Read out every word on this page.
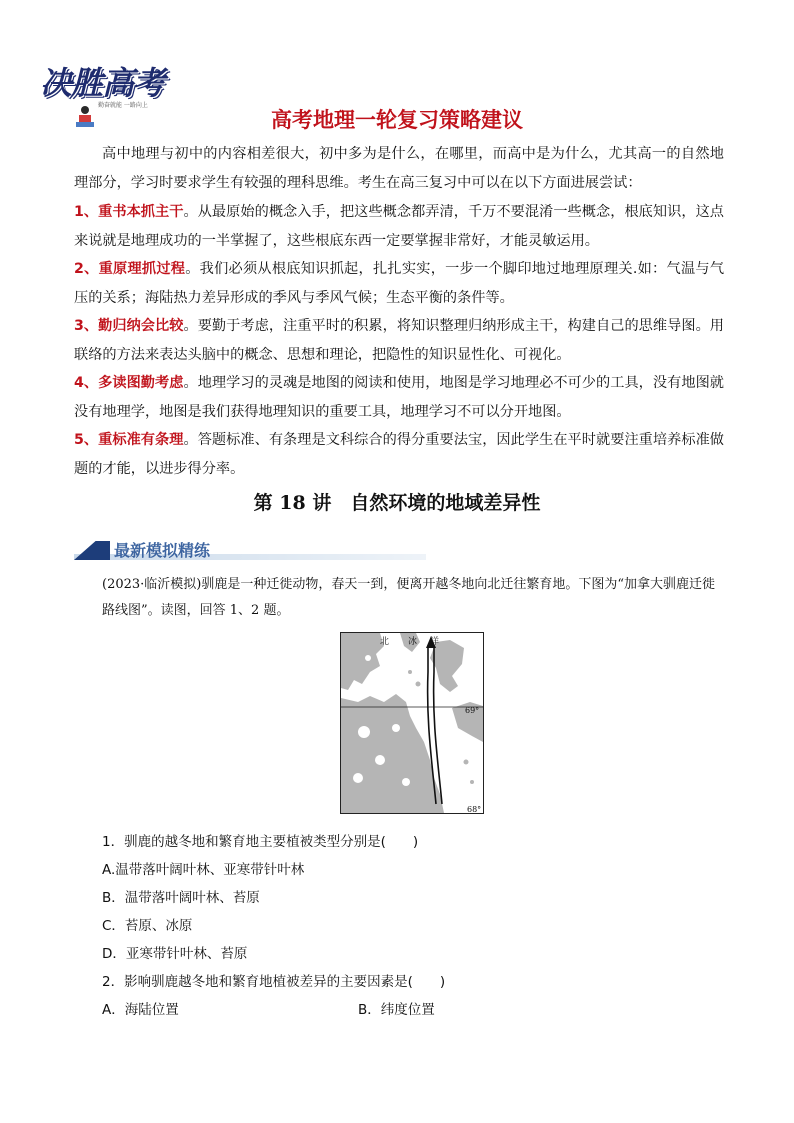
决胜高考
勤奋就能 一路向上
高考地理一轮复习策略建议
高中地理与初中的内容相差很大，初中多为是什么，在哪里，而高中是为什么，尤其高一的自然地理部分，学习时要求学生有较强的理科思维。考生在高三复习中可以在以下方面进展尝试：
1、重书本抓主干。从最原始的概念入手，把这些概念都弄清，千万不要混淆一些概念，根底知识，这点来说就是地理成功的一半掌握了，这些根底东西一定要掌握非常好，才能灵敏运用。
2、重原理抓过程。我们必须从根底知识抓起，扎扎实实，一步一个脚印地过地理原理关.如：气温与气压的关系；海陆热力差异形成的季风与季风气候；生态平衡的条件等。
3、勤归纳会比较。要勤于考虑，注重平时的积累，将知识整理归纳形成主干，构建自己的思维导图。用联络的方法来表达头脑中的概念、思想和理论，把隐性的知识显性化、可视化。
4、多读图勤考虑。地理学习的灵魂是地图的阅读和使用，地图是学习地理必不可少的工具，没有地图就没有地理学，地图是我们获得地理知识的重要工具，地理学习不可以分开地图。
5、重标准有条理。答题标准、有条理是文科综合的得分重要法宝，因此学生在平时就要注重培养标准做题的才能，以进步得分率。
第 18 讲　自然环境的地域差异性
最新模拟精练
(2023·临沂模拟)驯鹿是一种迁徙动物，春天一到，便离开越冬地向北迁往繁育地。下图为“加拿大驯鹿迁徙路线图”。读图，回答 1、2 题。
北 冰 洋
69°
68°
1．驯鹿的越冬地和繁育地主要植被类型分别是(　　)
A.温带落叶阔叶林、亚寒带针叶林
B．温带落叶阔叶林、苔原
C．苔原、冰原
D．亚寒带针叶林、苔原
2．影响驯鹿越冬地和繁育地植被差异的主要因素是(　　)
A．海陆位置	B．纬度位置
